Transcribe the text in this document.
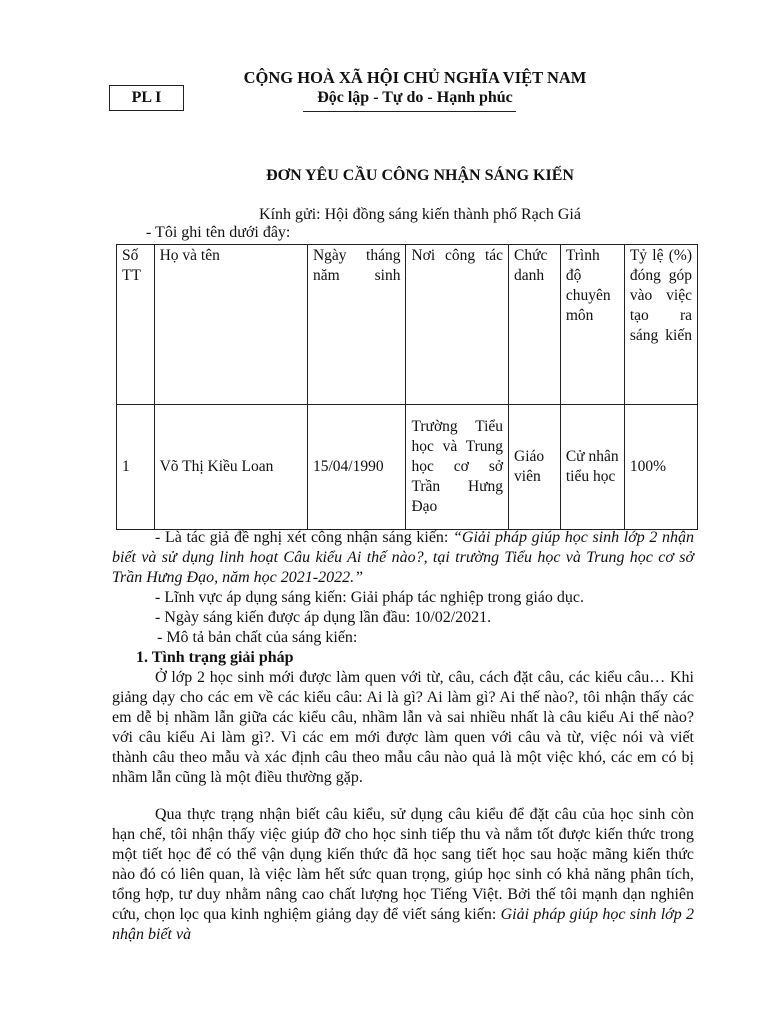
PL I
CỘNG HOÀ XÃ HỘI CHỦ NGHĨA VIỆT NAM
Độc lập - Tự do - Hạnh phúc
ĐƠN YÊU CẦU CÔNG NHẬN SÁNG KIẾN
Kính gửi: Hội đồng sáng kiến thành phố Rạch Giá
- Tôi ghi tên dưới đây:
Số TT	Họ và tên	Ngày tháng năm sinh	Nơi công tác	Chức danh	Trình độ chuyên môn	Tỷ lệ (%) đóng góp vào việc tạo ra sáng kiến
1	Võ Thị Kiều Loan	15/04/1990	Trường Tiểu học và Trung học cơ sở Trần Hưng Đạo	Giáo viên	Cử nhân tiểu học	100%
- Là tác giả đề nghị xét công nhận sáng kiến: “Giải pháp giúp học sinh lớp 2 nhận biết và sử dụng linh hoạt Câu kiểu Ai thế nào?, tại trường Tiểu học và Trung học cơ sở Trần Hưng Đạo, năm học 2021-2022.”
- Lĩnh vực áp dụng sáng kiến: Giải pháp tác nghiệp trong giáo dục.
- Ngày sáng kiến được áp dụng lần đầu: 10/02/2021.
- Mô tả bản chất của sáng kiến:
1. Tình trạng giải pháp
Ở lớp 2 học sinh mới được làm quen với từ, câu, cách đặt câu, các kiểu câu… Khi giảng dạy cho các em về các kiểu câu: Ai là gì? Ai làm gì? Ai thế nào?, tôi nhận thấy các em dễ bị nhầm lẫn giữa các kiểu câu, nhầm lẫn và sai nhiều nhất là câu kiểu Ai thế nào? với câu kiểu Ai làm gì?. Vì các em mới được làm quen với câu và từ, việc nói và viết thành câu theo mẫu và xác định câu theo mẫu câu nào quả là một việc khó, các em có bị nhầm lẫn cũng là một điều thường gặp.
Qua thực trạng nhận biết câu kiểu, sử dụng câu kiểu để đặt câu của học sinh còn hạn chế, tôi nhận thấy việc giúp đỡ cho học sinh tiếp thu và nắm tốt được kiến thức trong một tiết học để có thể vận dụng kiến thức đã học sang tiết học sau hoặc mãng kiến thức nào đó có liên quan, là việc làm hết sức quan trọng, giúp học sinh có khả năng phân tích, tổng hợp, tư duy nhằm nâng cao chất lượng học Tiếng Việt. Bởi thế tôi mạnh dạn nghiên cứu, chọn lọc qua kinh nghiệm giảng dạy để viết sáng kiến: Giải pháp giúp học sinh lớp 2 nhận biết và
